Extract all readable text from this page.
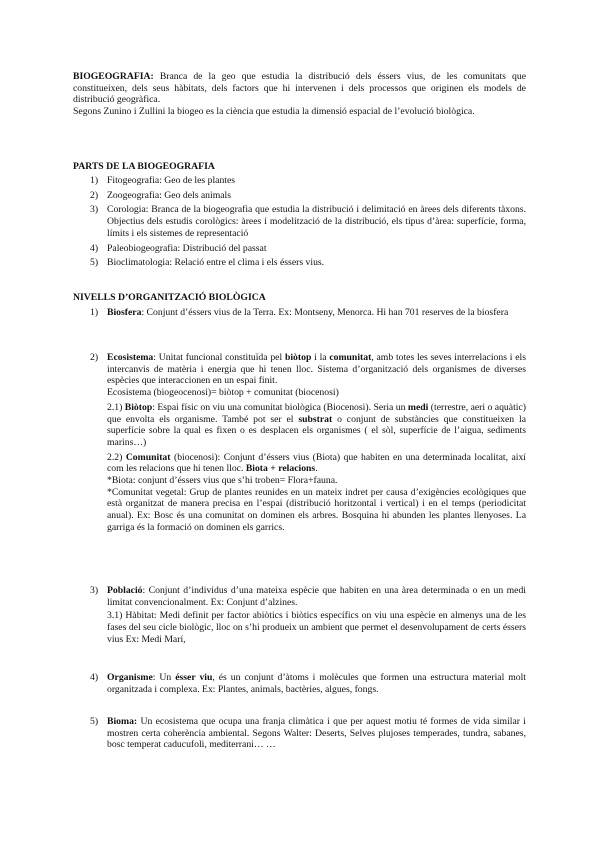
BIOGEOGRAFIA: Branca de la geo que estudia la distribució dels éssers vius, de les comunitats que constitueixen, dels seus hàbitats, dels factors que hi intervenen i dels processos que originen els models de distribució geogràfica.

Segons Zunino i Zullini la biogeo es la ciència que estudia la dimensió espacial de l’evolució biològica.

PARTS DE LA BIOGEOGRAFIA
1) Fitogeografia: Geo de les plantes

2) Zoogeografia: Geo dels animals

3) Corologia: Branca de la biogeografia que estudia la distribució i delimitació en àrees dels diferents tàxons. Objectius dels estudis corològics: àrees i modelització de la distribució, els tipus d’àrea: superfície, forma, límits i els sistemes de representació

4) Paleobiogeografia: Distribució del passat

5) Bioclimatologia: Relació entre el clima i els éssers vius.

NIVELLS D’ORGANITZACIÓ BIOLÒGICA
1) Biosfera: Conjunt d’éssers vius de la Terra. Ex: Montseny, Menorca. Hi han 701 reserves de la biosfera

2) Ecosistema: Unitat funcional constituïda pel biòtop i la comunitat, amb totes les seves interrelacions i els intercanvis de matèria i energia que hi tenen lloc. Sistema d’organització dels organismes de diverses espècies que interaccionen en un espai finit.

Ecosistema (biogeocenosi)= biòtop + comunitat (biocenosi)

2.1) Biòtop: Espai físic on viu una comunitat biològica (Biocenosi). Seria un medi (terrestre, aeri o aquàtic) que envolta els organisme. També pot ser el substrat o conjunt de substàncies que constitueixen la superfície sobre la qual es fixen o es desplacen els organismes ( el sòl, superfície de l’aigua, sediments marins…)

2.2) Comunitat (biocenosi): Conjunt d’éssers vius (Biota) que habiten en una determinada localitat, així com les relacions que hi tenen lloc. Biota + relacions.

*Biota: conjunt d’éssers vius que s’hi troben= Flora+fauna.

*Comunitat vegetal: Grup de plantes reunides en un mateix indret per causa d’exigències ecològiques que està organitzat de manera precisa en l’espai (distribució horitzontal i vertical) i en el temps (periodicitat anual). Ex: Bosc és una comunitat on dominen els arbres. Bosquina hi abunden les plantes llenyoses. La garriga és la formació on dominen els garrics.

3) Població: Conjunt d’individus d’una mateixa espècie que habiten en una àrea determinada o en un medi limitat convencionalment. Ex: Conjunt d’alzines.

3.1) Hàbitat: Medi definit per factor abiòtics i biòtics específics on viu una espècie en almenys una de les fases del seu cicle biològic, lloc on s’hi produeix un ambient que permet el desenvolupament de certs éssers vius Ex: Medi Marí,

4) Organisme: Un ésser viu, és un conjunt d’àtoms i molècules que formen una estructura material molt organitzada i complexa. Ex: Plantes, animals, bactèries, algues, fongs.

5) Bioma: Un ecosistema que ocupa una franja climàtica i que per aquest motiu té formes de vida similar i mostren certa coherència ambiental. Segons Walter: Deserts, Selves plujoses temperades, tundra, sabanes, bosc temperat caducufoli, mediterrani… …
